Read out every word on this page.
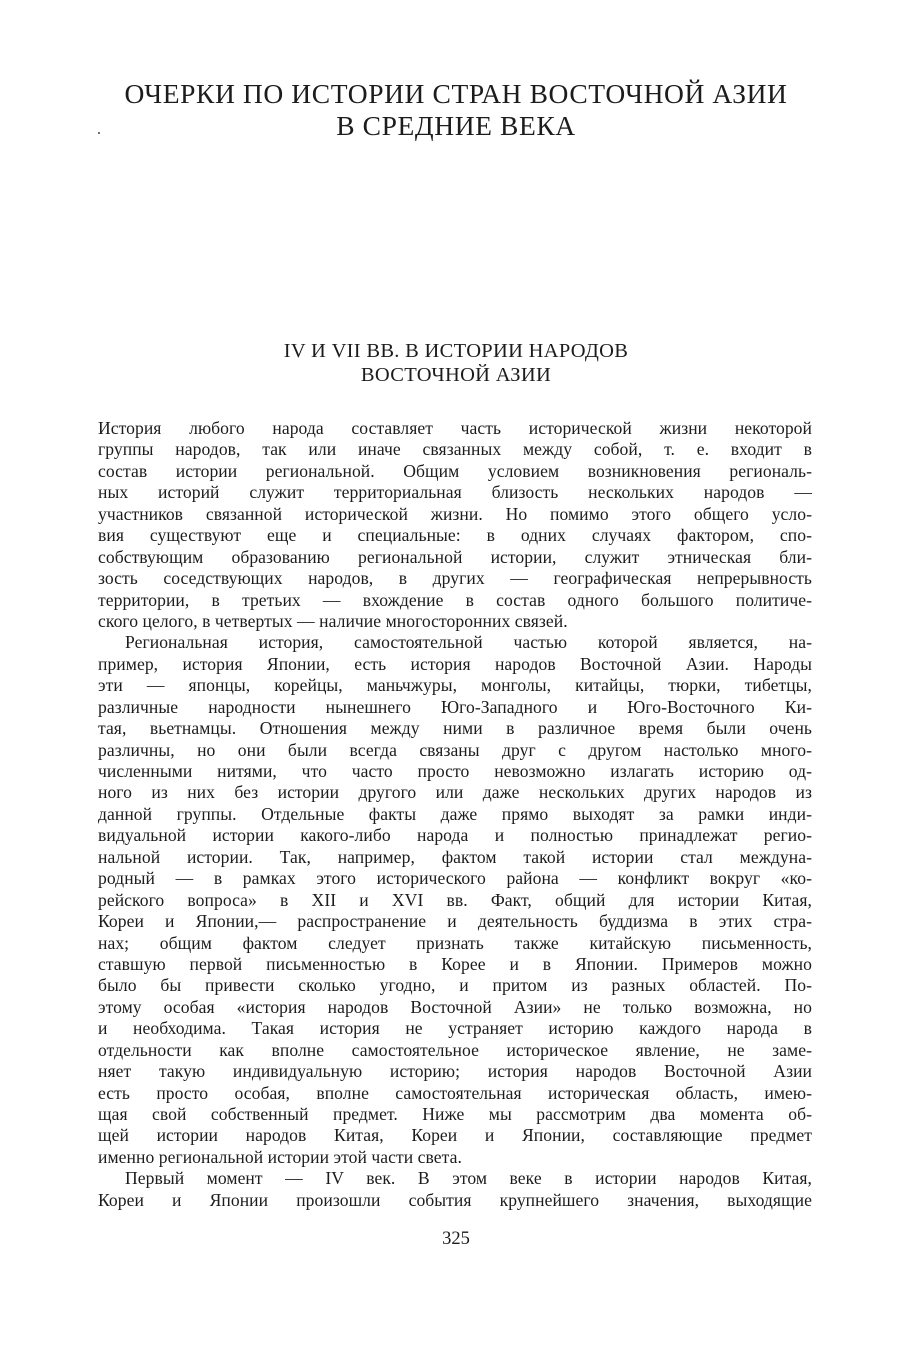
ОЧЕРКИ ПО ИСТОРИИ СТРАН ВОСТОЧНОЙ АЗИИ
В СРЕДНИЕ ВЕКА
IV И VII ВВ. В ИСТОРИИ НАРОДОВ
ВОСТОЧНОЙ АЗИИ
История любого народа составляет часть исторической жизни некоторой
группы народов, так или иначе связанных между собой, т. е. входит в
состав истории региональной. Общим условием возникновения региональ-
ных историй служит территориальная близость нескольких народов —
участников связанной исторической жизни. Но помимо этого общего усло-
вия существуют еще и специальные: в одних случаях фактором, спо-
собствующим образованию региональной истории, служит этническая бли-
зость соседствующих народов, в других — географическая непрерывность
территории, в третьих — вхождение в состав одного большого политиче-
ского целого, в четвертых — наличие многосторонних связей.
Региональная история, самостоятельной частью которой является, на-
пример, история Японии, есть история народов Восточной Азии. Народы
эти — японцы, корейцы, маньчжуры, монголы, китайцы, тюрки, тибетцы,
различные народности нынешнего Юго-Западного и Юго-Восточного Ки-
тая, вьетнамцы. Отношения между ними в различное время были очень
различны, но они были всегда связаны друг с другом настолько много-
численными нитями, что часто просто невозможно излагать историю од-
ного из них без истории другого или даже нескольких других народов из
данной группы. Отдельные факты даже прямо выходят за рамки инди-
видуальной истории какого-либо народа и полностью принадлежат регио-
нальной истории. Так, например, фактом такой истории стал междуна-
родный — в рамках этого исторического района — конфликт вокруг «ко-
рейского вопроса» в XII и XVI вв. Факт, общий для истории Китая,
Кореи и Японии,— распространение и деятельность буддизма в этих стра-
нах; общим фактом следует признать также китайскую письменность,
ставшую первой письменностью в Корее и в Японии. Примеров можно
было бы привести сколько угодно, и притом из разных областей. По-
этому особая «история народов Восточной Азии» не только возможна, но
и необходима. Такая история не устраняет историю каждого народа в
отдельности как вполне самостоятельное историческое явление, не заме-
няет такую индивидуальную историю; история народов Восточной Азии
есть просто особая, вполне самостоятельная историческая область, имею-
щая свой собственный предмет. Ниже мы рассмотрим два момента об-
щей истории народов Китая, Кореи и Японии, составляющие предмет
именно региональной истории этой части света.
Первый момент — IV век. В этом веке в истории народов Китая,
Кореи и Японии произошли события крупнейшего значения, выходящие

325
